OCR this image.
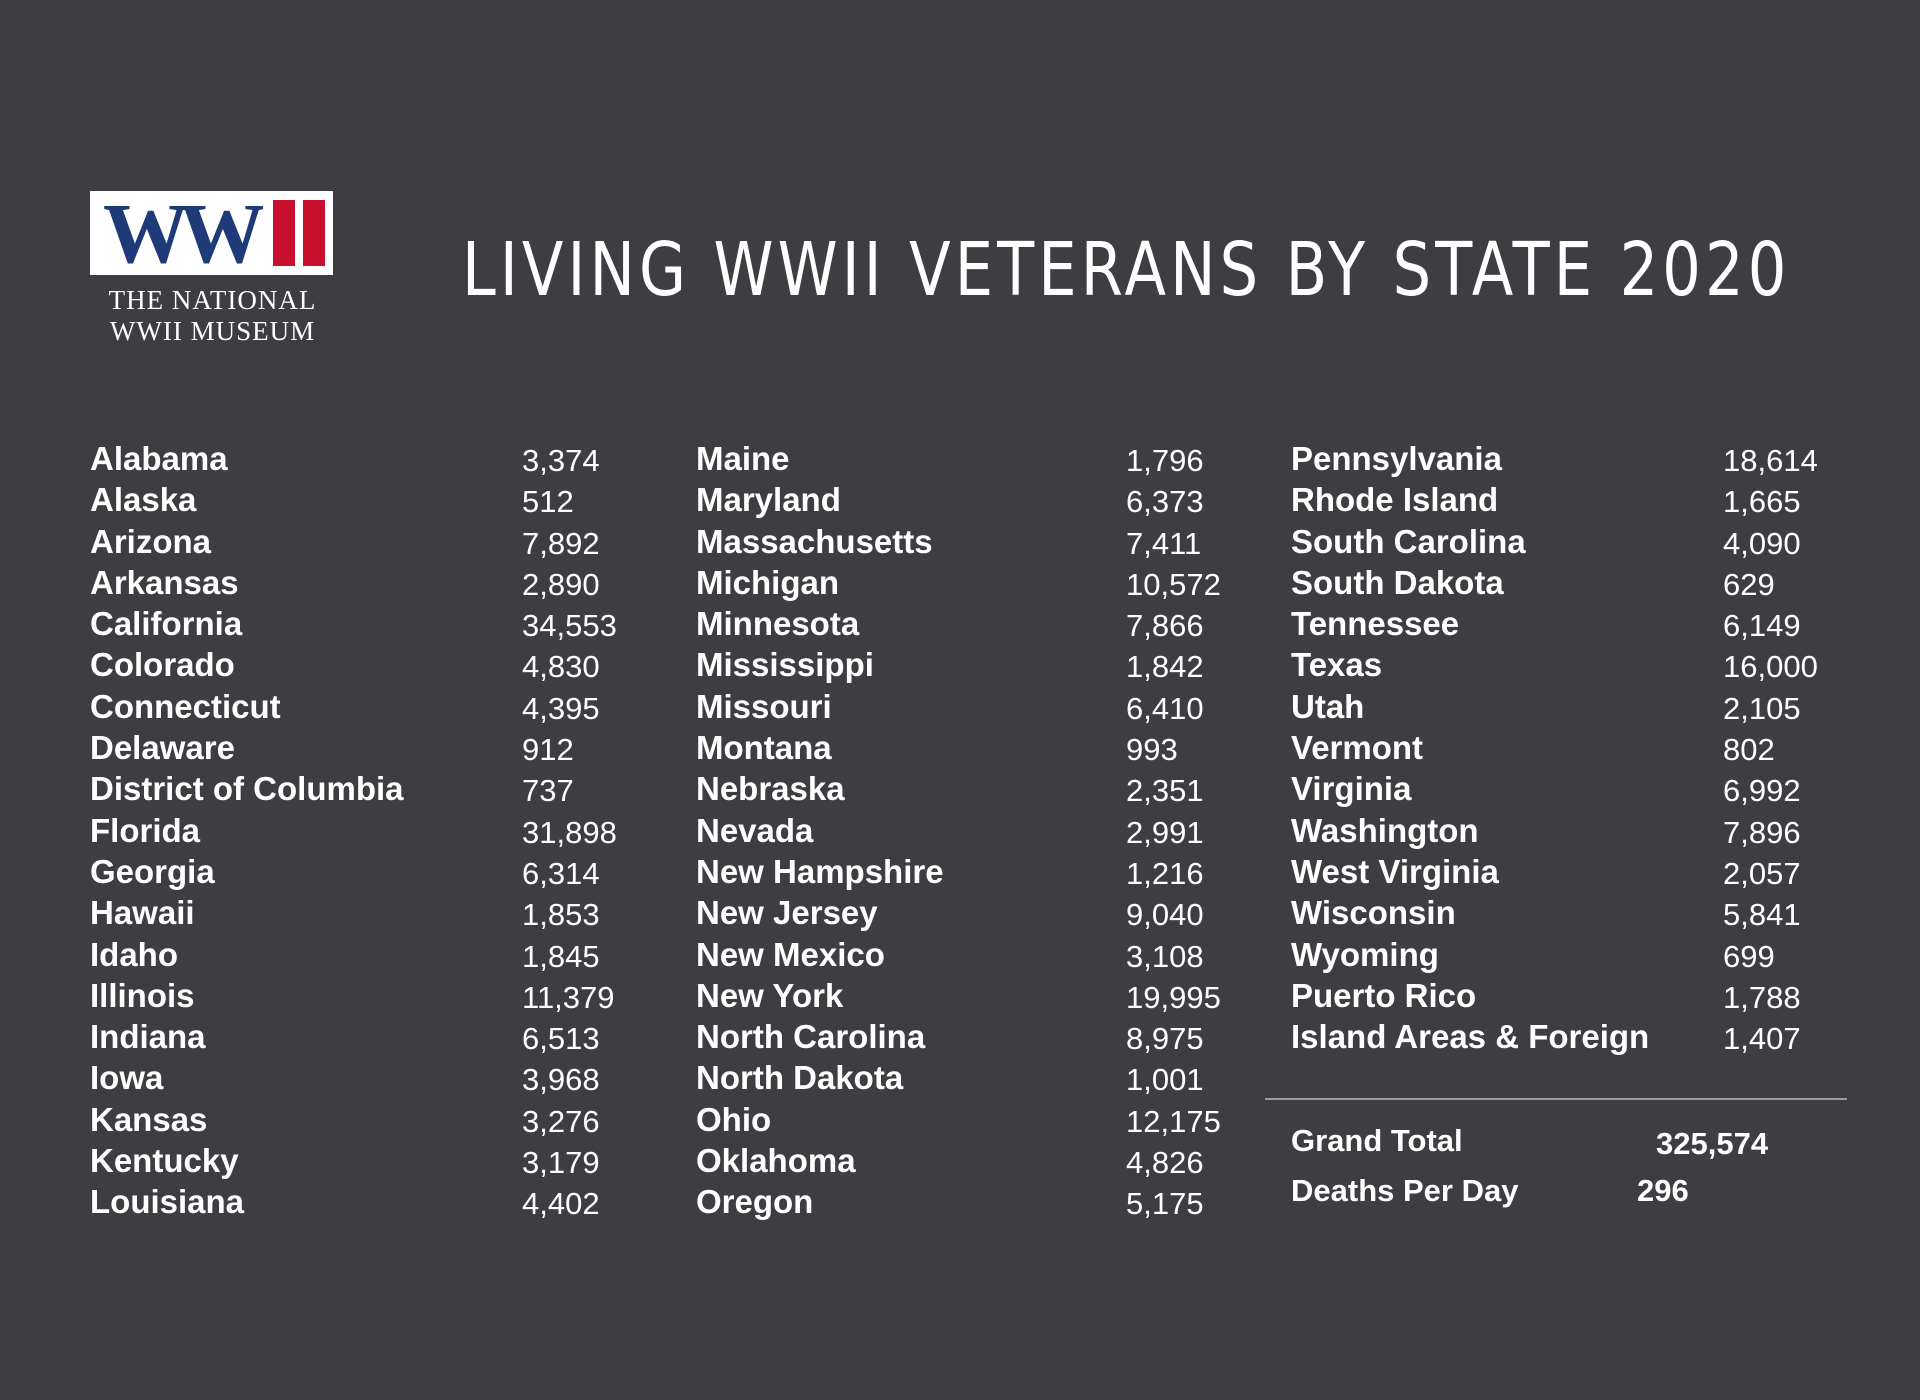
WW
THE NATIONAL
WWII MUSEUM
LIVING WWII VETERANS BY STATE 2020
Alabama	3,374
Alaska	512
Arizona	7,892
Arkansas	2,890
California	34,553
Colorado	4,830
Connecticut	4,395
Delaware	912
District of Columbia	737
Florida	31,898
Georgia	6,314
Hawaii	1,853
Idaho	1,845
Illinois	11,379
Indiana	6,513
Iowa	3,968
Kansas	3,276
Kentucky	3,179
Louisiana	4,402
Maine	1,796
Maryland	6,373
Massachusetts	7,411
Michigan	10,572
Minnesota	7,866
Mississippi	1,842
Missouri	6,410
Montana	993
Nebraska	2,351
Nevada	2,991
New Hampshire	1,216
New Jersey	9,040
New Mexico	3,108
New York	19,995
North Carolina	8,975
North Dakota	1,001
Ohio	12,175
Oklahoma	4,826
Oregon	5,175
Pennsylvania	18,614
Rhode Island	1,665
South Carolina	4,090
South Dakota	629
Tennessee	6,149
Texas	16,000
Utah	2,105
Vermont	802
Virginia	6,992
Washington	7,896
West Virginia	2,057
Wisconsin	5,841
Wyoming	699
Puerto Rico	1,788
Island Areas & Foreign 1,407
Grand Total	325,574
Deaths Per Day	296
